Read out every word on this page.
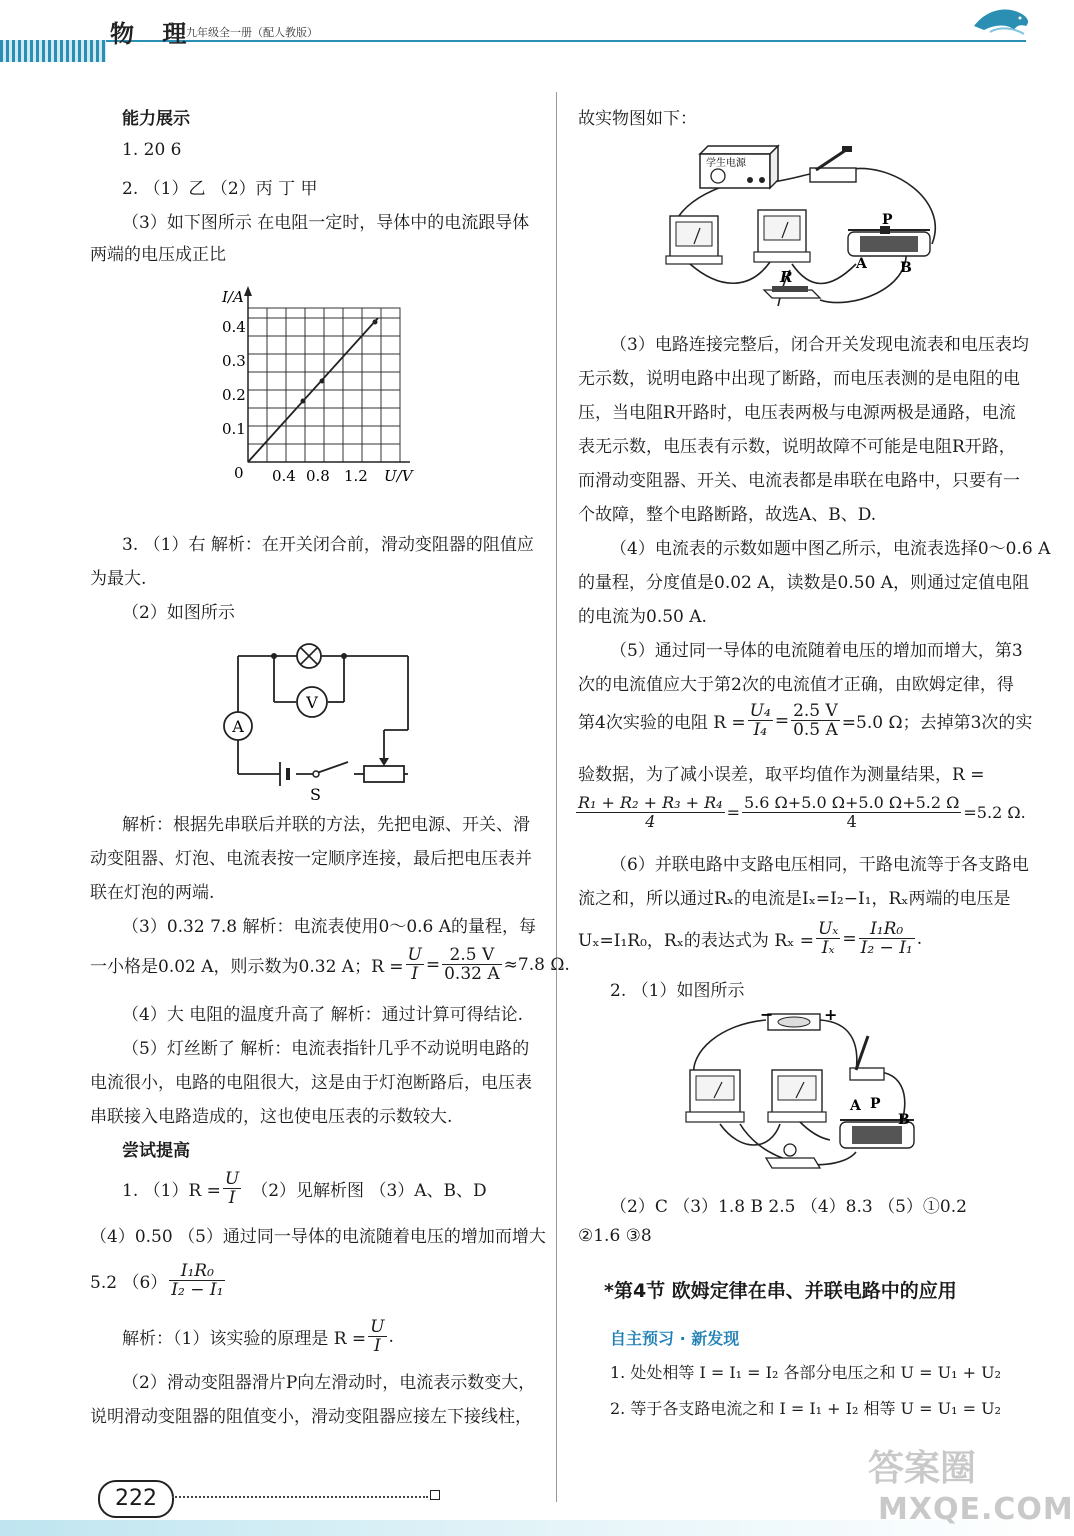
物 理
九年级全一册（配人教版）
能力展示
1. 20 6
2. （1）乙 （2）丙 丁 甲
（3）如下图所示 在电阻一定时，导体中的电流跟导体
两端的电压成正比
I/A
0.4
0.3
0.2
0.1
0 0.4 0.8 1.2 U/V
3. （1）右 解析：在开关闭合前，滑动变阻器的阻值应
为最大.
（2）如图所示
V
A
S
解析：根据先串联后并联的方法，先把电源、开关、滑
动变阻器、灯泡、电流表按一定顺序连接，最后把电压表并
联在灯泡的两端.
（3）0.32 7.8 解析：电流表使用0～0.6 A的量程，每
一小格是0.02 A，则示数为0.32 A；$R = \frac{U}{I} = \frac{2.5 V}{0.32 A} \approx 7.8$ Ω.
（4）大 电阻的温度升高了 解析：通过计算可得结论.
（5）灯丝断了 解析：电流表指针几乎不动说明电路的
电流很小，电路的电阻很大，这是由于灯泡断路后，电压表
串联接入电路造成的，这也使电压表的示数较大.
尝试提高
1. $(1)R = \frac{U}{I} (2)$见解析图 （3）A、B、D
（4）0.50 （5）通过同一导体的电流随着电压的增加而增大
5.2 （6）
I₁R₀
I₂ − I₁
解析：（1）该实验的原理是 $R = \frac{U}{I}$ .
（2）滑动变阻器滑片P向左滑动时，电流表示数变大，
说明滑动变阻器的阻值变小，滑动变阻器应接左下接线柱，
故实物图如下：
学生电源
P
A B
R
（3）电路连接完整后，闭合开关发现电流表和电压表均
无示数，说明电路中出现了断路，而电压表测的是电阻的电
压，当电阻R开路时，电压表两极与电源两极是通路，电流
表无示数，电压表有示数，说明故障不可能是电阻R开路，
而滑动变阻器、开关、电流表都是串联在电路中，只要有一
个故障，整个电路断路，故选A、B、D.
（4）电流表的示数如题中图乙所示，电流表选择0～0.6 A
的量程，分度值是0.02 A，读数是0.50 A，则通过定值电阻
的电流为0.50 A.
（5）通过同一导体的电流随着电压的增加而增大，第3
次的电流值应大于第2次的电流值才正确，由欧姆定律，得
第4次实验的电阻 $R = \frac{\text{U₄}}{\text{I₄}} = \frac{2.5 V}{0.5 A} =5.0$ Ω；去掉第3次的实
验数据，为了减小误差，取平均值作为测量结果，R =
$\frac{\text{R₁ + R₂ + R₃ + R₄}}{4} = \frac{5.6 \Omega+5.0 \Omega+5.0 \Omega+5.2 \Omega}{4} =5.2$ Ω.
（6）并联电路中支路电压相同，干路电流等于各支路电
流之和，所以通过Rₓ的电流是Iₓ=I₂−I₁，Rₓ两端的电压是
Uₓ=I₁R₀，Rₓ的表达式为 $R_x = \frac{\text{Uₓ}}{\text{Iₓ}} = \frac{\text{I₁R₀}}{\text{I₂ − I₁}}$ .
2. （1）如图所示
−	+
A P
B
（2）C （3）1.8 B 2.5 （4）8.3 （5）①0.2
②1.6 ③8
*第4节 欧姆定律在串、并联电路中的应用
自主预习 · 新发现
1. 处处相等 I = I₁ = I₂ 各部分电压之和 U = U₁ + U₂
2. 等于各支路电流之和 I = I₁ + I₂ 相等 U = U₁ = U₂
222
答案圈
MXQE.COM
